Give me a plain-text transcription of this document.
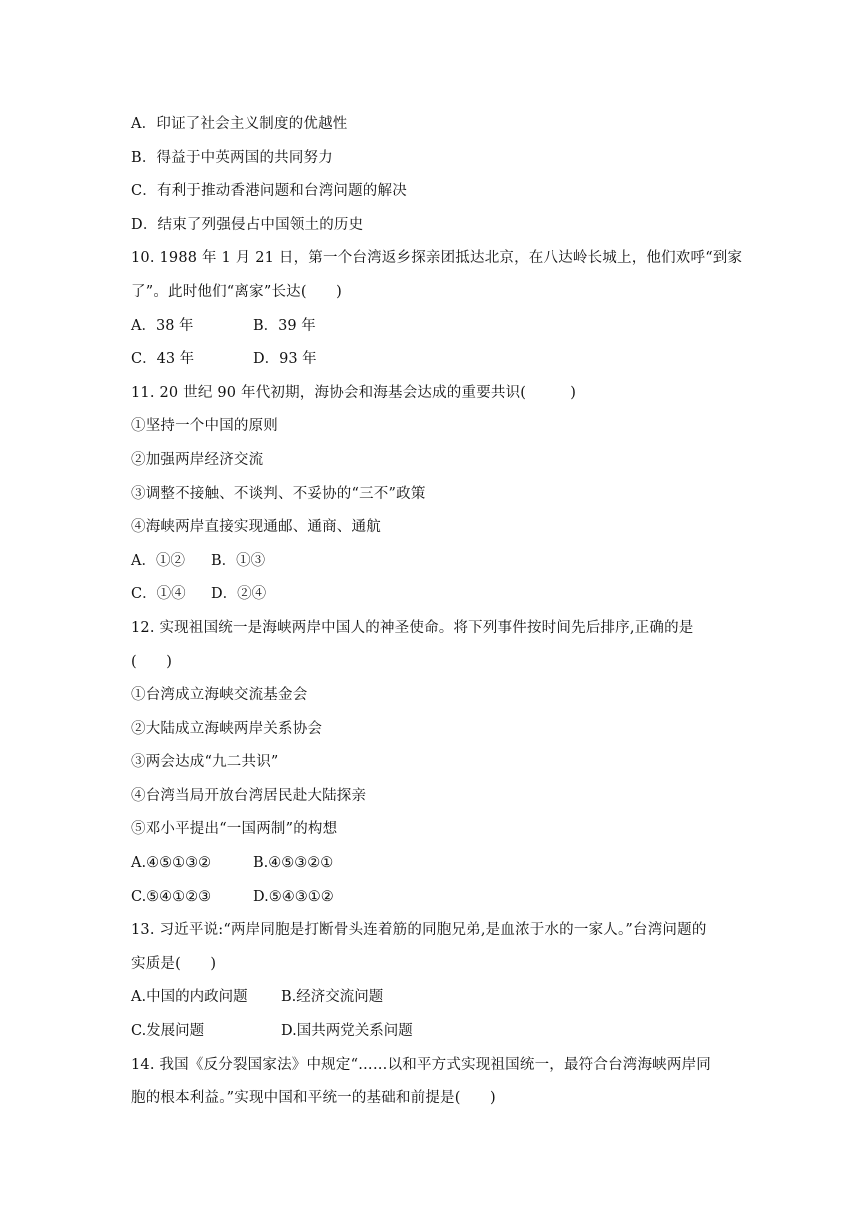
A．印证了社会主义制度的优越性
B．得益于中英两国的共同努力
C．有利于推动香港问题和台湾问题的解决
D．结束了列强侵占中国领土的历史
10. 1988 年 1 月 21 日，第一个台湾返乡探亲团抵达北京，在八达岭长城上，他们欢呼“到家
了”。此时他们“离家”长达(　　)
A．38 年	B．39 年
C．43 年	D．93 年
11. 20 世纪 90 年代初期，海协会和海基会达成的重要共识(　　　)
①坚持一个中国的原则
②加强两岸经济交流
③调整不接触、不谈判、不妥协的“三不”政策
④海峡两岸直接实现通邮、通商、通航
A．①②	B．①③
C．①④	D．②④
12. 实现祖国统一是海峡两岸中国人的神圣使命。将下列事件按时间先后排序,正确的是
(　　)
①台湾成立海峡交流基金会
②大陆成立海峡两岸关系协会
③两会达成“九二共识”
④台湾当局开放台湾居民赴大陆探亲
⑤邓小平提出“一国两制”的构想
A.④⑤①③②	B.④⑤③②①
C.⑤④①②③	D.⑤④③①②
13. 习近平说:“两岸同胞是打断骨头连着筋的同胞兄弟,是血浓于水的一家人。”台湾问题的
实质是(　　)
A.中国的内政问题	B.经济交流问题
C.发展问题	D.国共两党关系问题
14. 我国《反分裂国家法》中规定“……以和平方式实现祖国统一，最符合台湾海峡两岸同
胞的根本利益。”实现中国和平统一的基础和前提是(　　)
